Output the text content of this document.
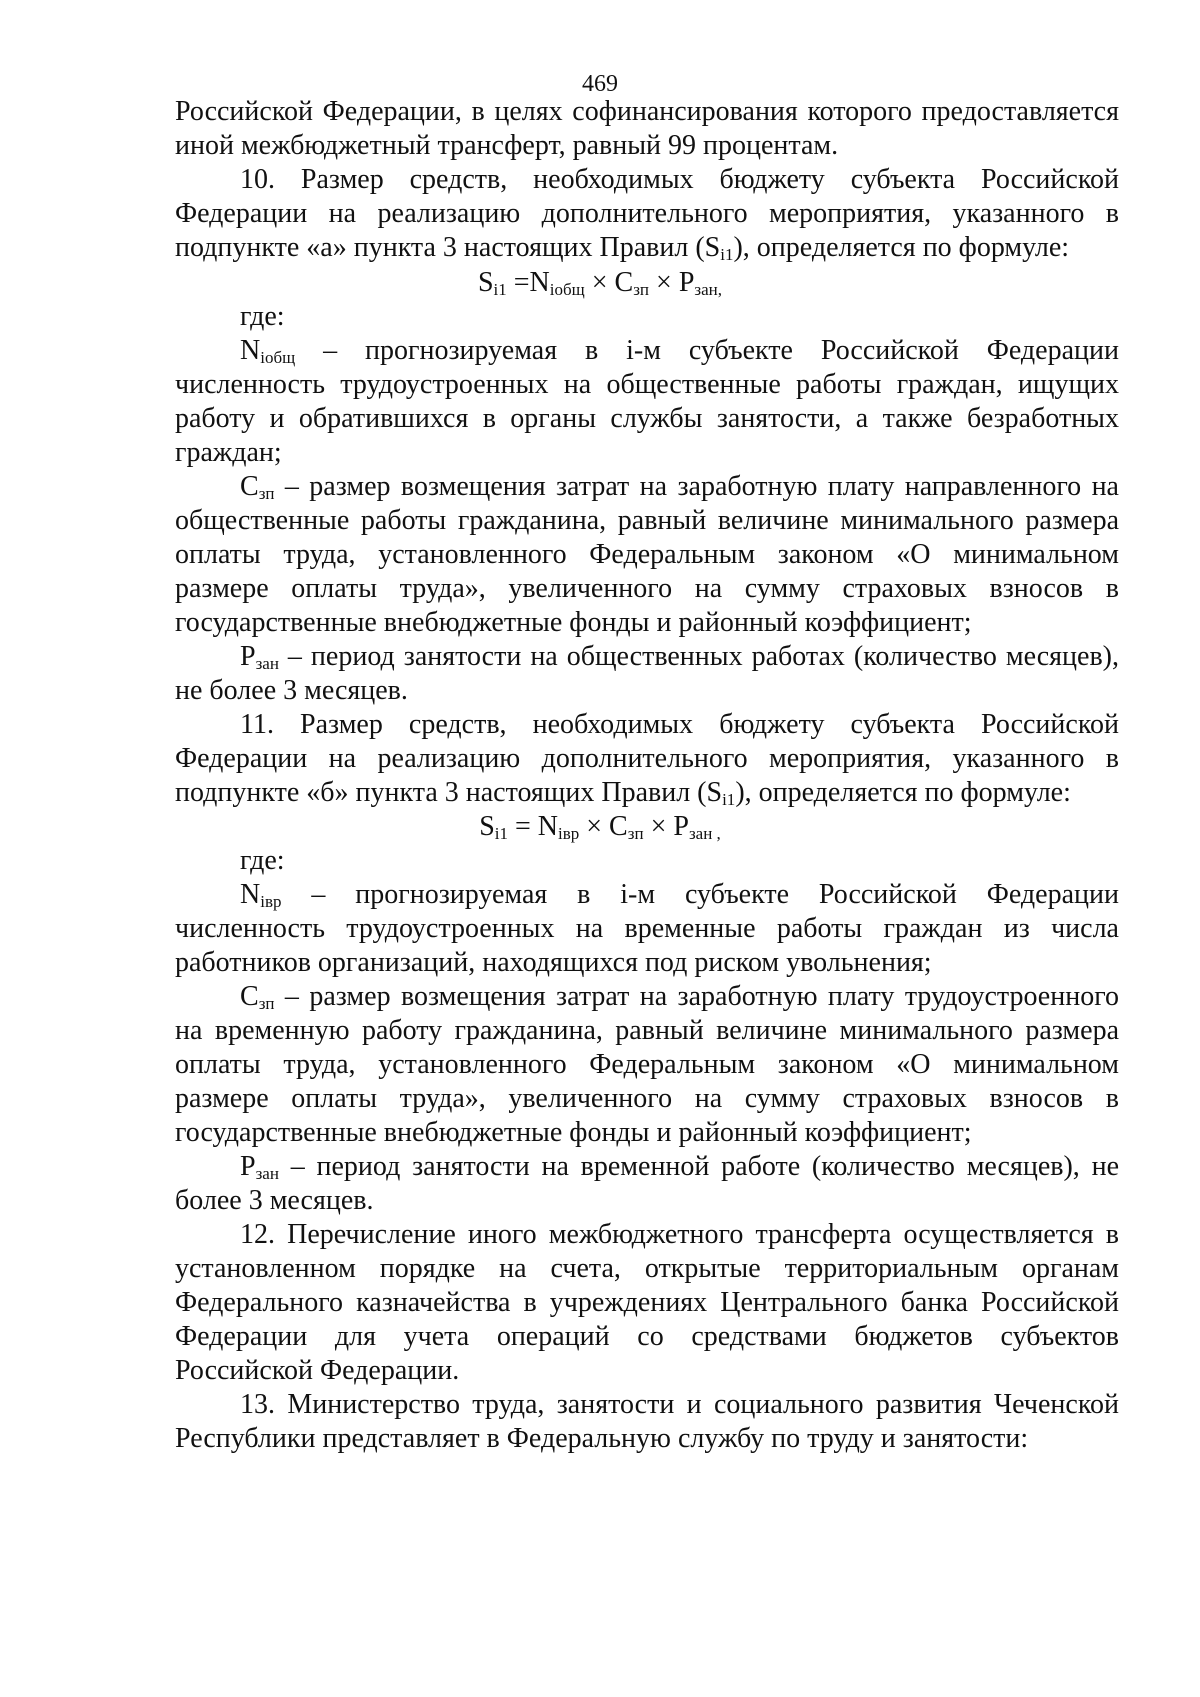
469
Российской Федерации, в целях софинансирования которого предоставляется
иной межбюджетный трансферт, равный 99 процентам.
10. Размер средств, необходимых бюджету субъекта Российской
Федерации на реализацию дополнительного мероприятия, указанного в
подпункте «а» пункта 3 настоящих Правил $(S_{i1})$, определяется по формуле:
$S_{i1} =N_{iобщ} \times C_{зп} \times P_{зан,}$
где:
$N_{iобщ}$ – прогнозируемая в i-м субъекте Российской Федерации
численность трудоустроенных на общественные работы граждан, ищущих
работу и обратившихся в органы службы занятости, а также безработных
граждан;
$C_{зп}$ – размер возмещения затрат на заработную плату направленного на
общественные работы гражданина, равный величине минимального размера
оплаты труда, установленного Федеральным законом «О минимальном
размере оплаты труда», увеличенного на сумму страховых взносов в
государственные внебюджетные фонды и районный коэффициент;
$P_{зан}$ – период занятости на общественных работах (количество месяцев),
не более 3 месяцев.
11. Размер средств, необходимых бюджету субъекта Российской
Федерации на реализацию дополнительного мероприятия, указанного в
подпункте «б» пункта 3 настоящих Правил $(S_{i1})$, определяется по формуле:
$S_{i1} = N_{iвр} \times C_{зп} \times P_{зан ,}$
где:
$N_{iвр}$ – прогнозируемая в i-м субъекте Российской Федерации
численность трудоустроенных на временные работы граждан из числа
работников организаций, находящихся под риском увольнения;
$C_{зп}$ – размер возмещения затрат на заработную плату трудоустроенного
на временную работу гражданина, равный величине минимального размера
оплаты труда, установленного Федеральным законом «О минимальном
размере оплаты труда», увеличенного на сумму страховых взносов в
государственные внебюджетные фонды и районный коэффициент;
$P_{зан}$ – период занятости на временной работе (количество месяцев), не
более 3 месяцев.
12. Перечисление иного межбюджетного трансферта осуществляется в
установленном порядке на счета, открытые территориальным органам
Федерального казначейства в учреждениях Центрального банка Российской
Федерации для учета операций со средствами бюджетов субъектов
Российской Федерации.
13. Министерство труда, занятости и социального развития Чеченской
Республики представляет в Федеральную службу по труду и занятости:
